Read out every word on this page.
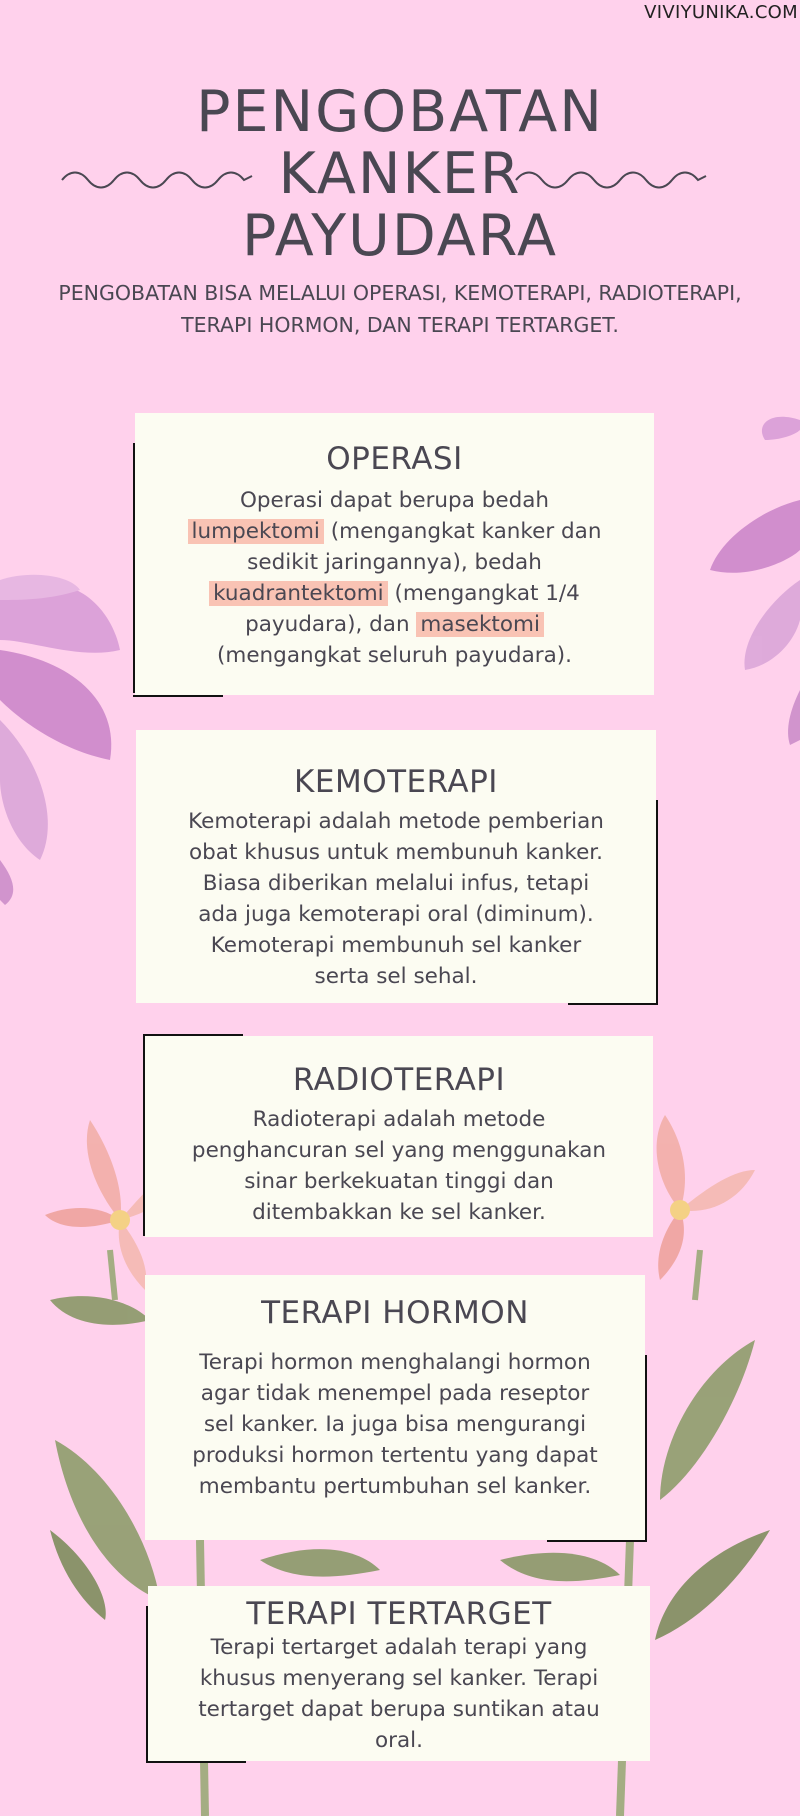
VIVIYUNIKA.COM
PENGOBATAN
KANKER
PAYUDARA
PENGOBATAN BISA MELALUI OPERASI, KEMOTERAPI, RADIOTERAPI,
TERAPI HORMON, DAN TERAPI TERTARGET.
OPERASI

Operasi dapat berupa bedah
lumpektomi (mengangkat kanker dan
sedikit jaringannya), bedah
kuadrantektomi (mengangkat 1/4
payudara), dan masektomi
(mengangkat seluruh payudara).

KEMOTERAPI

Kemoterapi adalah metode pemberian
obat khusus untuk membunuh kanker.
Biasa diberikan melalui infus, tetapi
ada juga kemoterapi oral (diminum).
Kemoterapi membunuh sel kanker
serta sel sehal.

RADIOTERAPI

Radioterapi adalah metode
penghancuran sel yang menggunakan
sinar berkekuatan tinggi dan
ditembakkan ke sel kanker.

TERAPI HORMON

Terapi hormon menghalangi hormon
agar tidak menempel pada reseptor
sel kanker. Ia juga bisa mengurangi
produksi hormon tertentu yang dapat
membantu pertumbuhan sel kanker.

TERAPI TERTARGET

Terapi tertarget adalah terapi yang
khusus menyerang sel kanker. Terapi
tertarget dapat berupa suntikan atau
oral.
